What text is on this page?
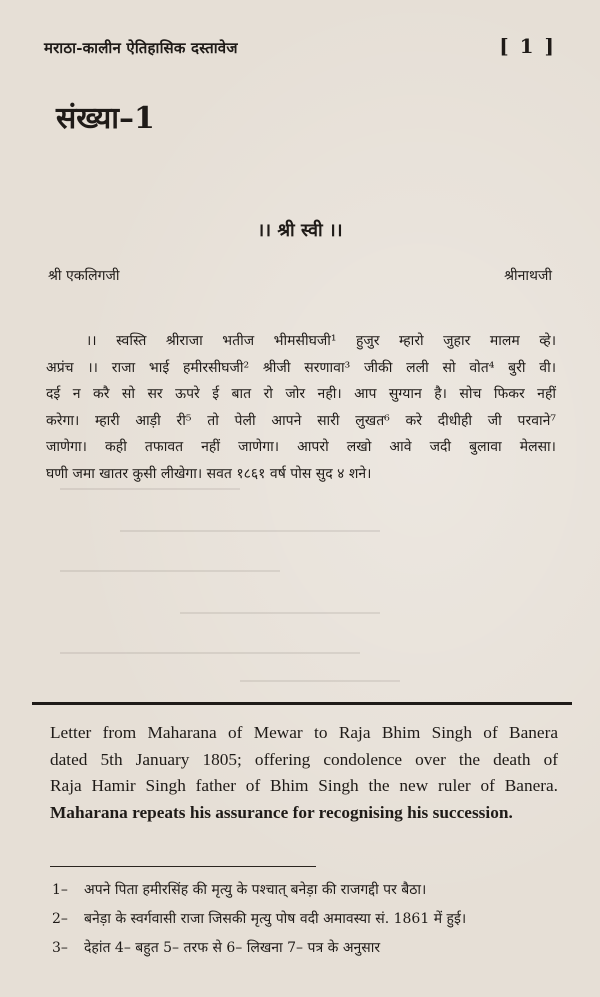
मराठा-कालीन ऐतिहासिक दस्तावेज	[ 1 ]
संख्या–1
।। श्री स्वी ।।
श्री एकलिगजी	श्रीनाथजी
।। स्वस्ति श्रीराजा भतीज भीमसीघजी¹ हुजुर म्हारो जुहार मालम व्हे।
अप्रंच ।। राजा भाई हमीरसीघजी² श्रीजी सरणावा³ जीकी लली सो वोत⁴ बुरी वी।
दई न करै सो सर ऊपरे ई बात रो जोर नही। आप सुग्यान है। सोच फिकर नहीं
करेगा। म्हारी आड़ी री⁵ तो पेली आपने सारी लुखत⁶ करे दीधीही जी परवाने⁷
जाणेगा। कही तफावत नहीं जाणेगा। आपरो लखो आवे जदी बुलावा मेलसा।
घणी जमा खातर कुसी लीखेगा। सवत १८६१ वर्ष पोस सुद ४ शने।
Letter from Maharana of Mewar to Raja Bhim Singh of Banera
dated 5th January 1805; offering condolence over the death of
Raja Hamir Singh father of Bhim Singh the new ruler of Banera.
Maharana repeats his assurance for recognising his succession.
1– अपने पिता हमीरसिंह की मृत्यु के पश्चात् बनेड़ा की राजगद्दी पर बैठा।
2– बनेड़ा के स्वर्गवासी राजा जिसकी मृत्यु पोष वदी अमावस्या सं. 1861 में हुई।
3– देहांत 4– बहुत 5– तरफ से 6– लिखना 7– पत्र के अनुसार
